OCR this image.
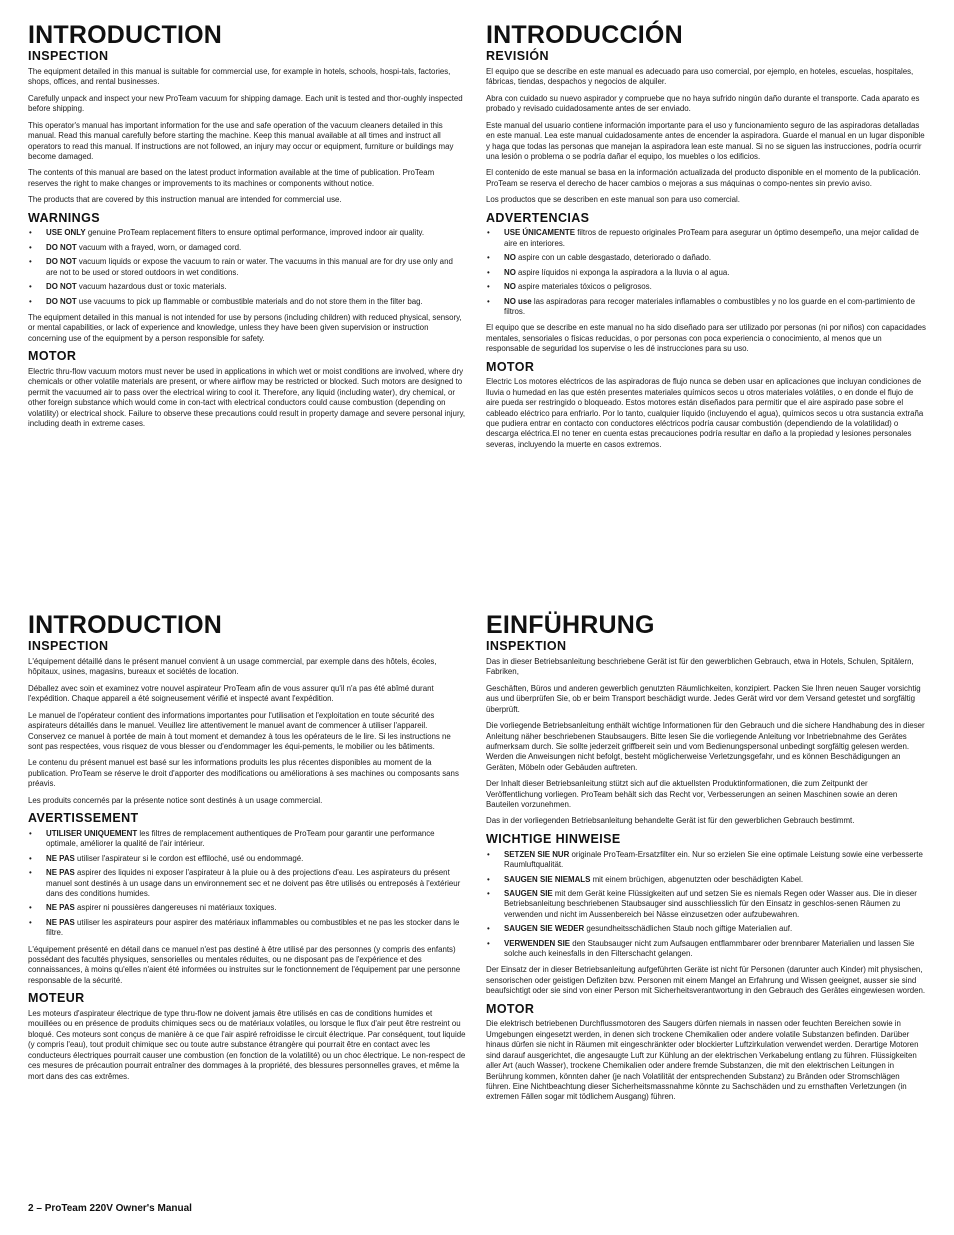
INTRODUCTION
INSPECTION

The equipment detailed in this manual is suitable for commercial use, for example in hotels, schools, hospi-tals, factories, shops, offices, and rental businesses.

Carefully unpack and inspect your new ProTeam vacuum for shipping damage. Each unit is tested and thor-oughly inspected before shipping.

This operator's manual has important information for the use and safe operation of the vacuum cleaners detailed in this manual. Read this manual carefully before starting the machine. Keep this manual available at all times and instruct all operators to read this manual. If instructions are not followed, an injury may occur or equipment, furniture or buildings may become damaged.

The contents of this manual are based on the latest product information available at the time of publication. ProTeam reserves the right to make changes or improvements to its machines or components without notice.

The products that are covered by this instruction manual are intended for commercial use.

WARNINGS
• USE ONLY genuine ProTeam replacement filters to ensure optimal performance, improved indoor air quality.
• DO NOT vacuum with a frayed, worn, or damaged cord.
• DO NOT vacuum liquids or expose the vacuum to rain or water. The vacuums in this manual are for dry use only and are not to be used or stored outdoors in wet conditions.
• DO NOT vacuum hazardous dust or toxic materials.
• DO NOT use vacuums to pick up flammable or combustible materials and do not store them in the filter bag.

The equipment detailed in this manual is not intended for use by persons (including children) with reduced physical, sensory, or mental capabilities, or lack of experience and knowledge, unless they have been given supervision or instruction concerning use of the equipment by a person responsible for safety.

MOTOR

Electric thru-flow vacuum motors must never be used in applications in which wet or moist conditions are involved, where dry chemicals or other volatile materials are present, or where airflow may be restricted or blocked. Such motors are designed to permit the vacuumed air to pass over the electrical wiring to cool it. Therefore, any liquid (including water), dry chemical, or other foreign substance which would come in con-tact with electrical conductors could cause combustion (depending on volatility) or electrical shock. Failure to observe these precautions could result in property damage and severe personal injury, including death in extreme cases.

INTRODUCCIÓN
REVISIÓN

El equipo que se describe en este manual es adecuado para uso comercial, por ejemplo, en hoteles, escuelas, hospitales, fábricas, tiendas, despachos y negocios de alquiler.

Abra con cuidado su nuevo aspirador y compruebe que no haya sufrido ningún daño durante el transporte. Cada aparato es probado y revisado cuidadosamente antes de ser enviado.

Este manual del usuario contiene información importante para el uso y funcionamiento seguro de las aspiradoras detalladas en este manual. Lea este manual cuidadosamente antes de encender la aspiradora. Guarde el manual en un lugar disponible y haga que todas las personas que manejan la aspiradora lean este manual. Si no se siguen las instrucciones, podría ocurrir una lesión o problema o se podría dañar el equipo, los muebles o los edificios.

El contenido de este manual se basa en la información actualizada del producto disponible en el momento de la publicación. ProTeam se reserva el derecho de hacer cambios o mejoras a sus máquinas o compo-nentes sin previo aviso.

Los productos que se describen en este manual son para uso comercial.

ADVERTENCIAS
• USE ÚNICAMENTE filtros de repuesto originales ProTeam para asegurar un óptimo desempeño, una mejor calidad de aire en interiores.
• NO aspire con un cable desgastado, deteriorado o dañado.
• NO aspire líquidos ni exponga la aspiradora a la lluvia o al agua.
• NO aspire materiales tóxicos o peligrosos.
• NO use las aspiradoras para recoger materiales inflamables o combustibles y no los guarde en el com-partimiento de filtros.

El equipo que se describe en este manual no ha sido diseñado para ser utilizado por personas (ni por niños) con capacidades mentales, sensoriales o físicas reducidas, o por personas con poca experiencia o conocimiento, al menos que un responsable de seguridad los supervise o les dé instrucciones para su uso.

MOTOR

Electric Los motores eléctricos de las aspiradoras de flujo nunca se deben usar en aplicaciones que incluyan condiciones de lluvia o humedad en las que estén presentes materiales químicos secos u otros materiales volátiles, o en donde el flujo de aire pueda ser restringido o bloqueado. Estos motores están diseñados para permitir que el aire aspirado pase sobre el cableado eléctrico para enfriarlo. Por lo tanto, cualquier líquido (incluyendo el agua), químicos secos u otra sustancia extraña que pudiera entrar en contacto con conductores eléctricos podría causar combustión (dependiendo de la volatilidad) o descarga eléctrica.El no tener en cuenta estas precauciones podría resultar en daño a la propiedad y lesiones personales severas, incluyendo la muerte en casos extremos.

INTRODUCTION
INSPECTION

L'équipement détaillé dans le présent manuel convient à un usage commercial, par exemple dans des hôtels, écoles, hôpitaux, usines, magasins, bureaux et sociétés de location.

Déballez avec soin et examinez votre nouvel aspirateur ProTeam afin de vous assurer qu'il n'a pas été abîmé durant l'expédition. Chaque appareil a été soigneusement vérifié et inspecté avant l'expédition.

Le manuel de l'opérateur contient des informations importantes pour l'utilisation et l'exploitation en toute sécurité des aspirateurs détaillés dans le manuel. Veuillez lire attentivement le manuel avant de commencer à utiliser l'appareil. Conservez ce manuel à portée de main à tout moment et demandez à tous les opérateurs de le lire. Si les instructions ne sont pas respectées, vous risquez de vous blesser ou d'endommager les équi-pements, le mobilier ou les bâtiments.

Le contenu du présent manuel est basé sur les informations produits les plus récentes disponibles au moment de la publication. ProTeam se réserve le droit d'apporter des modifications ou améliorations à ses machines ou composants sans préavis.

Les produits concernés par la présente notice sont destinés à un usage commercial.

AVERTISSEMENT
• UTILISER UNIQUEMENT les filtres de remplacement authentiques de ProTeam pour garantir une performance optimale, améliorer la qualité de l'air intérieur.
• NE PAS utiliser l'aspirateur si le cordon est effiloché, usé ou endommagé.
• NE PAS aspirer des liquides ni exposer l'aspirateur à la pluie ou à des projections d'eau. Les aspirateurs du présent manuel sont destinés à un usage dans un environnement sec et ne doivent pas être utilisés ou entreposés à l'extérieur dans des conditions humides.
• NE PAS aspirer ni poussières dangereuses ni matériaux toxiques.
• NE PAS utiliser les aspirateurs pour aspirer des matériaux inflammables ou combustibles et ne pas les stocker dans le filtre.

L'équipement présenté en détail dans ce manuel n'est pas destiné à être utilisé par des personnes (y compris des enfants) possédant des facultés physiques, sensorielles ou mentales réduites, ou ne disposant pas de l'expérience et des connaissances, à moins qu'elles n'aient été informées ou instruites sur le fonctionnement de l'équipement par une personne responsable de la sécurité.

MOTEUR

Les moteurs d'aspirateur électrique de type thru-flow ne doivent jamais être utilisés en cas de conditions humides et mouillées ou en présence de produits chimiques secs ou de matériaux volatiles, ou lorsque le flux d'air peut être restreint ou bloqué. Ces moteurs sont conçus de manière à ce que l'air aspiré refroidisse le circuit électrique. Par conséquent, tout liquide (y compris l'eau), tout produit chimique sec ou toute autre substance étrangère qui pourrait être en contact avec les conducteurs électriques pourrait causer une combustion (en fonction de la volatilité) ou un choc électrique. Le non-respect de ces mesures de précaution pourrait entraîner des dommages à la propriété, des blessures personnelles graves, et même la mort dans des cas extrêmes.

EINFÜHRUNG
INSPEKTION

Das in dieser Betriebsanleitung beschriebene Gerät ist für den gewerblichen Gebrauch, etwa in Hotels, Schulen, Spitälern, Fabriken,

Geschäften, Büros und anderen gewerblich genutzten Räumlichkeiten, konzipiert. Packen Sie Ihren neuen Sauger vorsichtig aus und überprüfen Sie, ob er beim Transport beschädigt wurde. Jedes Gerät wird vor dem Versand getestet und sorgfältig überprüft.

Die vorliegende Betriebsanleitung enthält wichtige Informationen für den Gebrauch und die sichere Handhabung des in dieser Anleitung näher beschriebenen Staubsaugers. Bitte lesen Sie die vorliegende Anleitung vor Inbetriebnahme des Gerätes aufmerksam durch. Sie sollte jederzeit griffbereit sein und vom Bedienungspersonal unbedingt sorgfältig gelesen werden. Werden die Anweisungen nicht befolgt, besteht möglicherweise Verletzungsgefahr, und es können Beschädigungen an Geräten, Möbeln oder Gebäuden auftreten.

Der Inhalt dieser Betriebsanleitung stützt sich auf die aktuellsten Produktinformationen, die zum Zeitpunkt der Veröffentlichung vorliegen. ProTeam behält sich das Recht vor, Verbesserungen an seinen Maschinen sowie an deren Bauteilen vorzunehmen.

Das in der vorliegenden Betriebsanleitung behandelte Gerät ist für den gewerblichen Gebrauch bestimmt.

WICHTIGE HINWEISE
• SETZEN SIE NUR originale ProTeam-Ersatzfilter ein. Nur so erzielen Sie eine optimale Leistung sowie eine verbesserte Raumluftqualität.
• SAUGEN SIE NIEMALS mit einem brüchigen, abgenutzten oder beschädigten Kabel.
• SAUGEN SIE mit dem Gerät keine Flüssigkeiten auf und setzen Sie es niemals Regen oder Wasser aus. Die in dieser Betriebsanleitung beschriebenen Staubsauger sind ausschliesslich für den Einsatz in geschlos-senen Räumen zu verwenden und nicht im Aussenbereich bei Nässe einzusetzen oder aufzubewahren.
• SAUGEN SIE WEDER gesundheitsschädlichen Staub noch giftige Materialien auf.
• VERWENDEN SIE den Staubsauger nicht zum Aufsaugen entflammbarer oder brennbarer Materialien und lassen Sie solche auch keinesfalls in den Filterschacht gelangen.

Der Einsatz der in dieser Betriebsanleitung aufgeführten Geräte ist nicht für Personen (darunter auch Kinder) mit physischen, sensorischen oder geistigen Defiziten bzw. Personen mit einem Mangel an Erfahrung und Wissen geeignet, ausser sie sind beaufsichtigt oder sie sind von einer Person mit Sicherheitsverantwortung in den Gebrauch des Gerätes eingewiesen worden.

MOTOR

Die elektrisch betriebenen Durchflussmotoren des Saugers dürfen niemals in nassen oder feuchten Bereichen sowie in Umgebungen eingesetzt werden, in denen sich trockene Chemikalien oder andere volatile Substanzen befinden. Darüber hinaus dürfen sie nicht in Räumen mit eingeschränkter oder blockierter Luftzirkulation verwendet werden. Derartige Motoren sind darauf ausgerichtet, die angesaugte Luft zur Kühlung an der elektrischen Verkabelung entlang zu führen. Flüssigkeiten aller Art (auch Wasser), trockene Chemikalien oder andere fremde Substanzen, die mit den elektrischen Leitungen in Berührung kommen, könnten daher (je nach Volatilität der entsprechenden Substanz) zu Bränden oder Stromschlägen führen. Eine Nichtbeachtung dieser Sicherheitsmassnahme könnte zu Sachschäden und zu ernsthaften Verletzungen (in extremen Fällen sogar mit tödlichem Ausgang) führen.

2 – ProTeam 220V Owner's Manual
